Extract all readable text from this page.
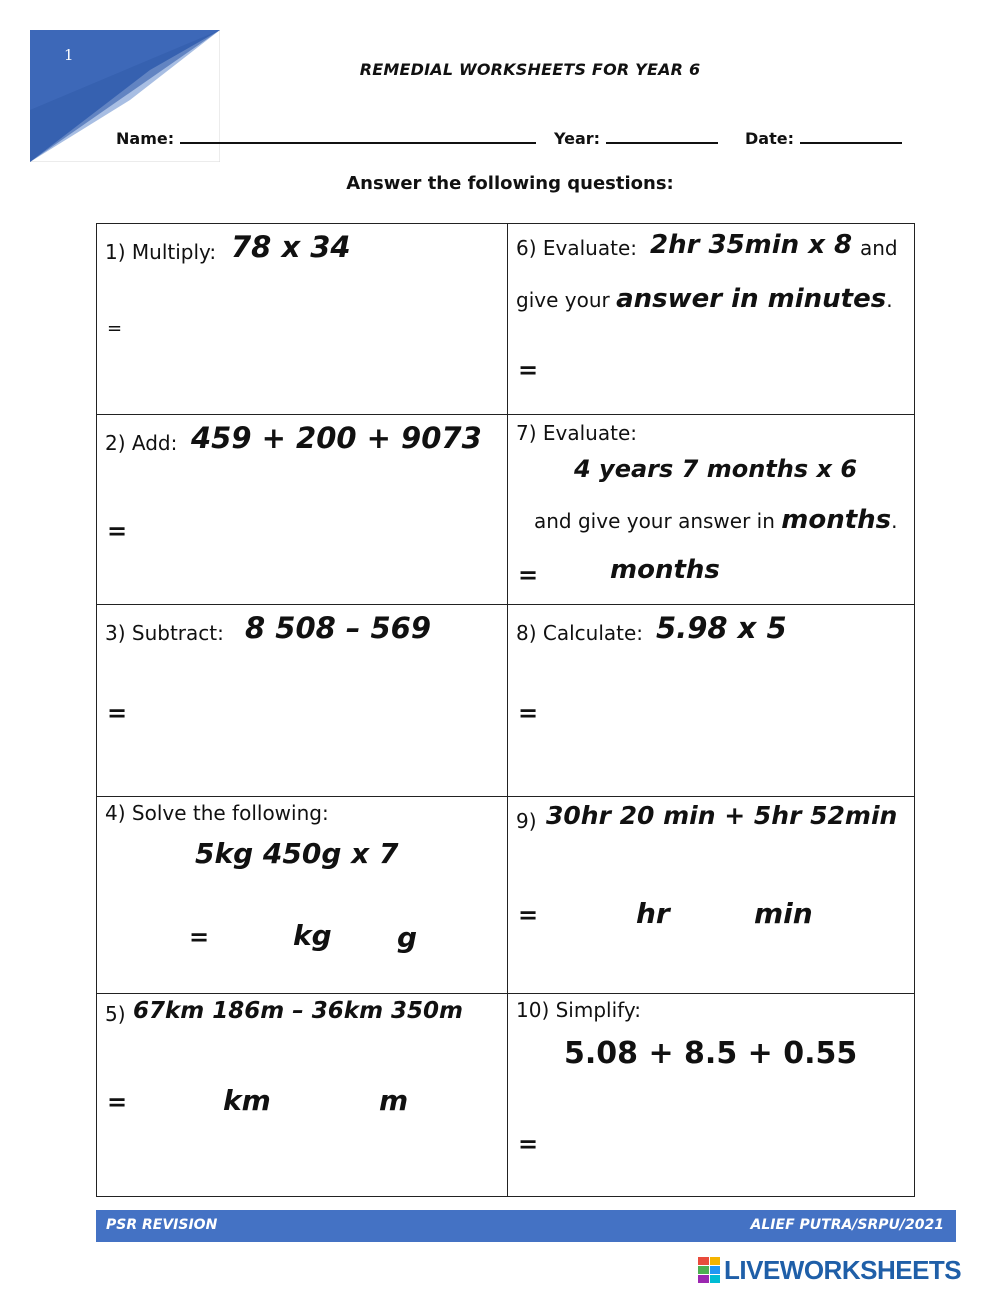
1
REMEDIAL WORKSHEETS FOR YEAR 6
Name:	Year:	Date:
Answer the following questions:
1) Multiply: 78 x 34
=
6) Evaluate: 2hr 35min x 8 and
give your answer in minutes.
=
2) Add: 459 + 200 + 9073
=
7) Evaluate:
4 years 7 months x 6
and give your answer in months.
=	months
3) Subtract: 8 508 – 569
=
8) Calculate: 5.98 x 5
=
4) Solve the following:
5kg 450g x 7
=	kg g
9) 30hr 20 min + 5hr 52min
=	hr	min
5) 67km 186m – 36km 350m
=	km	m
10) Simplify:
5.08 + 8.5 + 0.55
=
PSR REVISION	ALIEF PUTRA/SRPU/2021
LIVEWORKSHEETS
